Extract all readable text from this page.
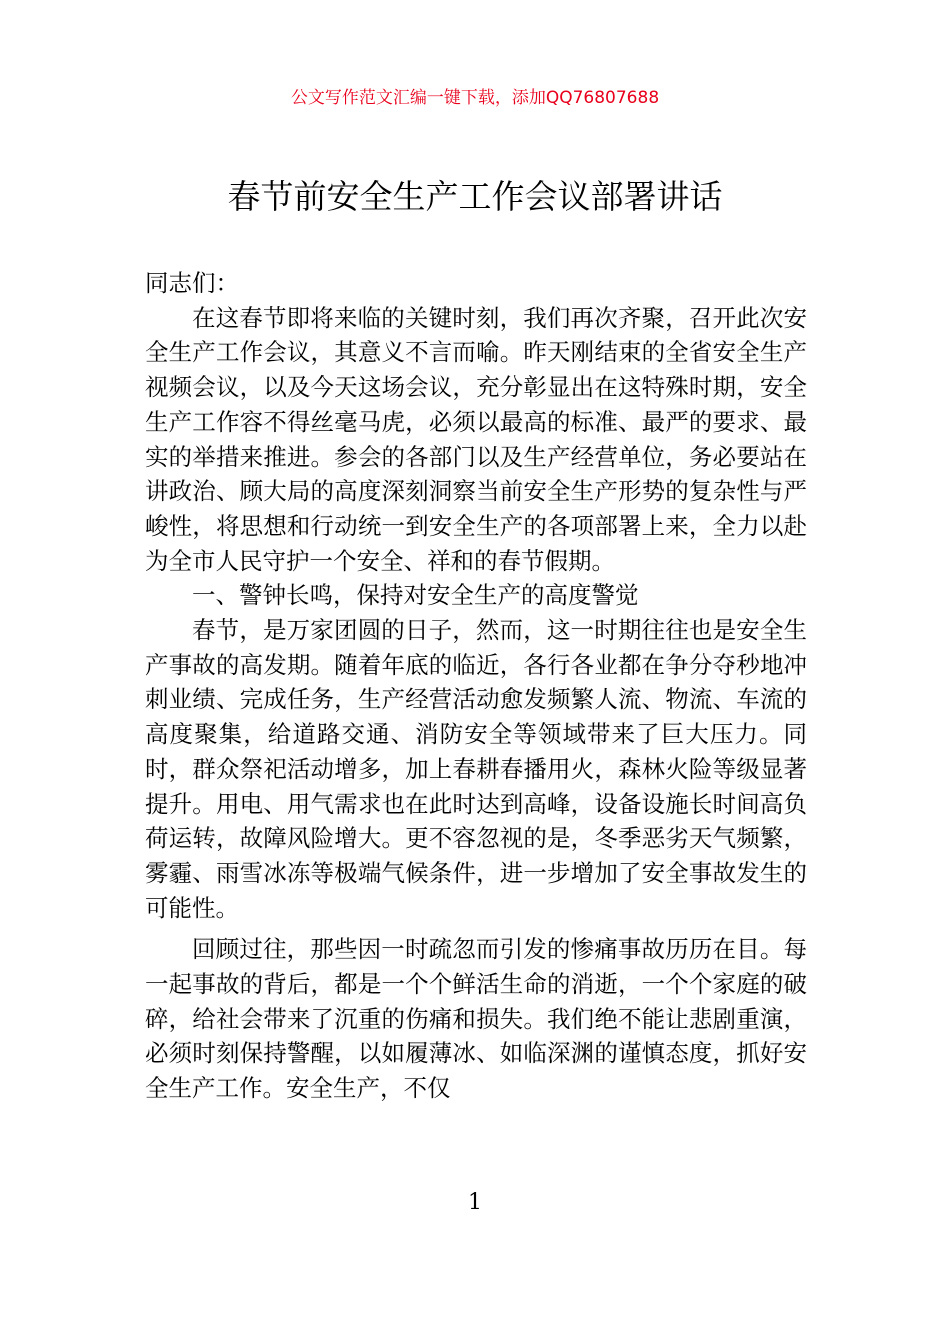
公文写作范文汇编一键下载，添加QQ76807688
春节前安全生产工作会议部署讲话

同志们：

在这春节即将来临的关键时刻，我们再次齐聚，召开此次安全生产工作会议，其意义不言而喻。昨天刚结束的全省安全生产视频会议，以及今天这场会议，充分彰显出在这特殊时期，安全生产工作容不得丝毫马虎，必须以最高的标准、最严的要求、最实的举措来推进。参会的各部门以及生产经营单位，务必要站在讲政治、顾大局的高度深刻洞察当前安全生产形势的复杂性与严峻性，将思想和行动统一到安全生产的各项部署上来，全力以赴为全市人民守护一个安全、祥和的春节假期。

一、警钟长鸣，保持对安全生产的高度警觉

春节，是万家团圆的日子，然而，这一时期往往也是安全生产事故的高发期。随着年底的临近，各行各业都在争分夺秒地冲刺业绩、完成任务，生产经营活动愈发频繁人流、物流、车流的高度聚集，给道路交通、消防安全等领域带来了巨大压力。同时，群众祭祀活动增多，加上春耕春播用火，森林火险等级显著提升。用电、用气需求也在此时达到高峰，设备设施长时间高负荷运转，故障风险增大。更不容忽视的是，冬季恶劣天气频繁，雾霾、雨雪冰冻等极端气候条件，进一步增加了安全事故发生的可能性。

回顾过往，那些因一时疏忽而引发的惨痛事故历历在目。每一起事故的背后，都是一个个鲜活生命的消逝，一个个家庭的破碎，给社会带来了沉重的伤痛和损失。我们绝不能让悲剧重演，必须时刻保持警醒，以如履薄冰、如临深渊的谨慎态度，抓好安全生产工作。安全生产，不仅

1
